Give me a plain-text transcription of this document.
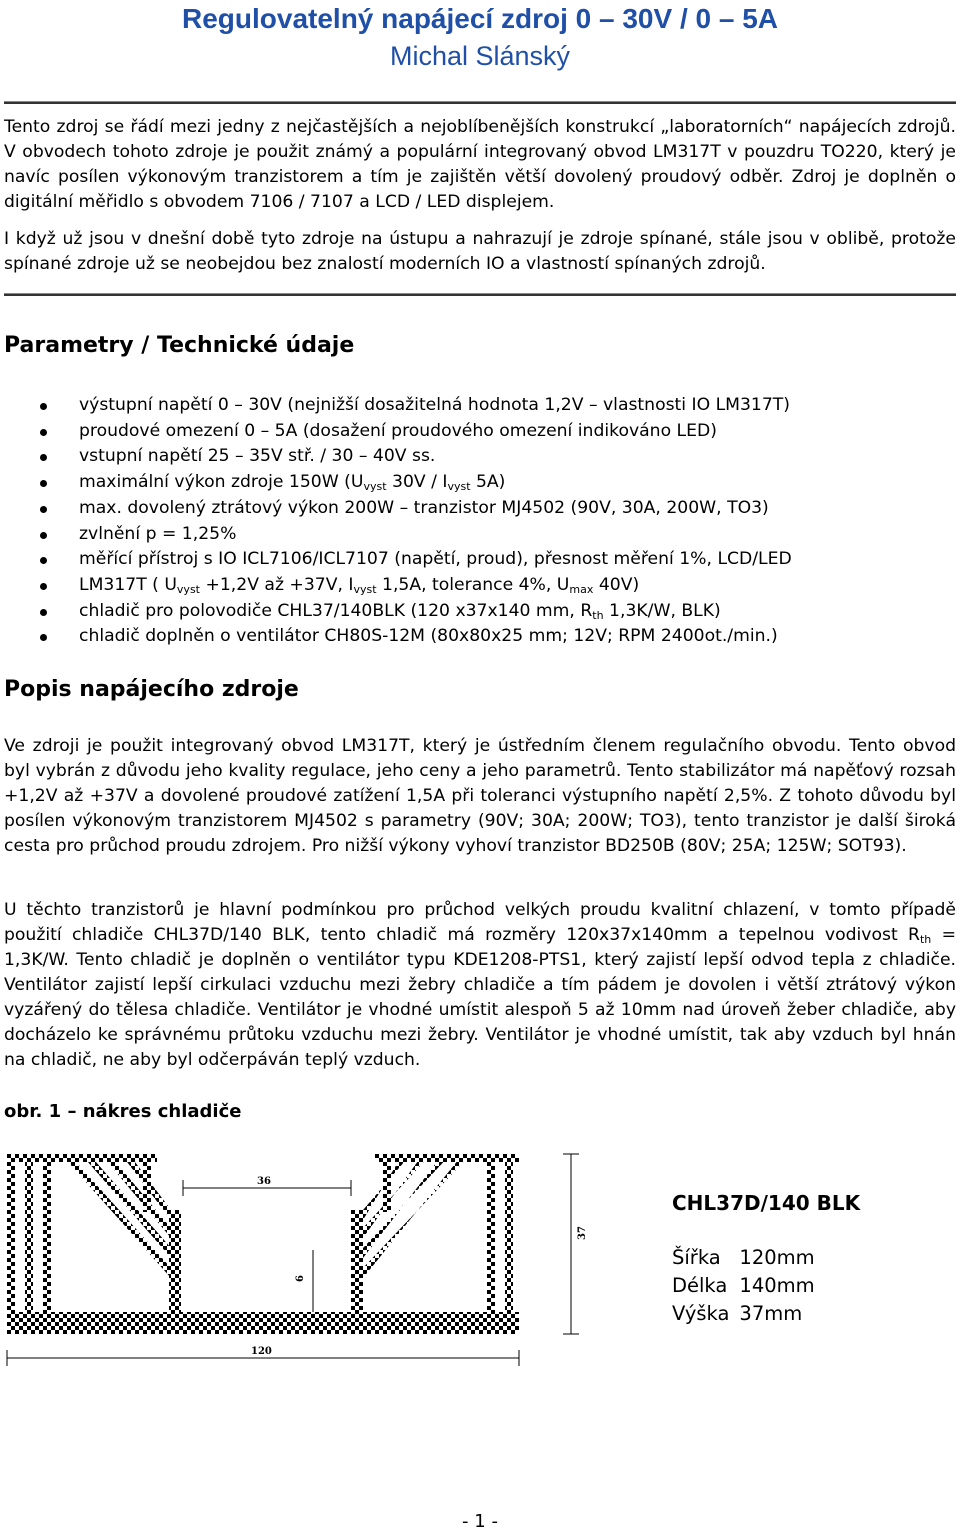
Regulovatelný napájecí zdroj 0 – 30V / 0 – 5A
Michal Slánský

Tento zdroj se řádí mezi jedny z nejčastějších a nejoblíbenějších konstrukcí „laboratorních“ napájecích zdrojů. V obvodech tohoto zdroje je použit známý a populární integrovaný obvod LM317T v pouzdru TO220, který je navíc posílen výkonovým tranzistorem a tím je zajištěn větší dovolený proudový odběr. Zdroj je doplněn o digitální měřidlo s obvodem 7106 / 7107 a LCD / LED displejem.

I když už jsou v dnešní době tyto zdroje na ústupu a nahrazují je zdroje spínané, stále jsou v oblibě, protože spínané zdroje už se neobejdou bez znalostí moderních IO a vlastností spínaných zdrojů.

Parametry / Technické údaje
výstupní napětí 0 – 30V (nejnižší dosažitelná hodnota 1,2V – vlastnosti IO LM317T)
proudové omezení 0 – 5A (dosažení proudového omezení indikováno LED)
vstupní napětí 25 – 35V stř. / 30 – 40V ss.
maximální výkon zdroje 150W ($U_{vyst}$ $30V / I_{vyst}$ 5A)
max. dovolený ztrátový výkon 200W – tranzistor MJ4502 (90V, 30A, 200W, TO3)
zvlnění p = 1,25%
měřící přístroj s IO ICL7106/ICL7107 (napětí, proud), přesnost měření 1%, LCD/LED
LM317T ( $U_{vyst} +1,2V$ až +37V, $I_{vyst}$ 1,5A, tolerance 4%, $U_{max}$ 40V)
chladič pro polovodiče CHL37/140BLK (120 x37x140 mm, $R_{th}$ 1,3K/W, BLK)
chladič doplněn o ventilátor CH80S-12M (80x80x25 mm; 12V; RPM 2400ot./min.)
Popis napájecího zdroje

Ve zdroji je použit integrovaný obvod LM317T, který je ústředním členem regulačního obvodu. Tento obvod byl vybrán z důvodu jeho kvality regulace, jeho ceny a jeho parametrů. Tento stabilizátor má napěťový rozsah +1,2V až +37V a dovolené proudové zatížení 1,5A při toleranci výstupního napětí 2,5%. Z tohoto důvodu byl posílen výkonovým tranzistorem MJ4502 s parametry (90V; 30A; 200W; TO3), tento tranzistor je další široká cesta pro průchod proudu zdrojem. Pro nižší výkony vyhoví tranzistor BD250B (80V; 25A; 125W; SOT93).

U těchto tranzistorů je hlavní podmínkou pro průchod velkých proudu kvalitní chlazení, v tomto případě použití chladiče CHL37D/140 BLK, tento chladič má rozměry 120x37x140mm a tepelnou vodivost $R_{th} = 1,3K/W$. Tento chladič je doplněn o ventilátor typu KDE1208-PTS1, který zajistí lepší odvod tepla z chladiče. Ventilátor zajistí lepší cirkulaci vzduchu mezi žebry chladiče a tím pádem je dovolen i větší ztrátový výkon vyzářený do tělesa chladiče. Ventilátor je vhodné umístit alespoň 5 až 10mm nad úroveň žeber chladiče, aby docházelo ke správnému průtoku vzduchu mezi žebry. Ventilátor je vhodné umístit, tak aby vzduch byl hnán na chladič, ne aby byl odčerpáván teplý vzduch.

obr. 1 – nákres chladiče

36
37
6
120
CHL37D/140 BLK
Šířka	120mm
Délka	140mm
Výška	37mm
- 1 -
